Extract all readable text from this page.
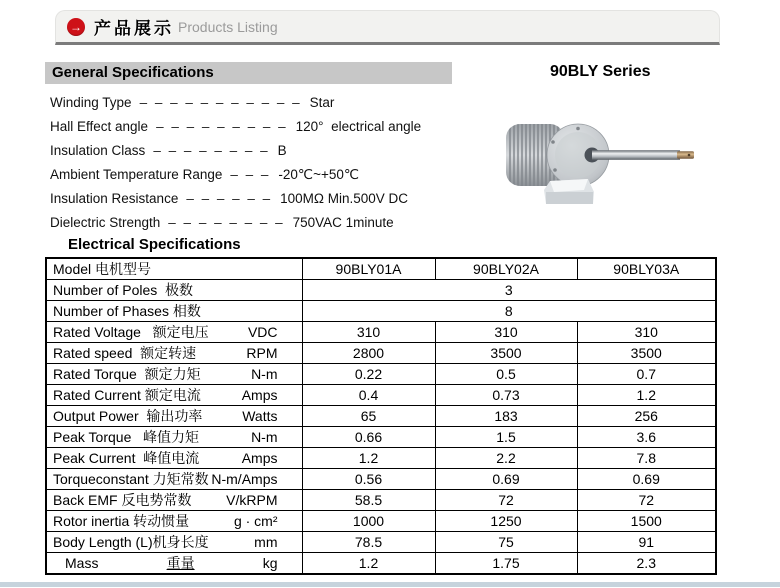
→ 产品展示 Products Listing
General Specifications	90BLY Series
Winding Type – – – – – – – – – – – Star
Hall Effect angle – – – – – – – – – 120°  electrical angle
Insulation Class – – – – – – – – B
Ambient Temperature Range – – – -20℃~+50℃
Insulation Resistance – – – – – – 100MΩ Min.500V DC
Dielectric Strength – – – – – – – – 750VAC 1minute
Electrical Specifications
Model 电机型号	90BLY01A	90BLY02A	90BLY03A

Number of Poles  极数	3		

Number of Phases 相数	8		

Rated Voltage   额定电压 VDC	310	310	310

Rated speed  额定转速 RPM	2800	3500	3500

Rated Torque  额定力矩 N-m	0.22	0.5	0.7

Rated Current 额定电流 Amps	0.4	0.73	1.2

Output Power  输出功率 Watts	65	183	256

Peak Torque   峰值力矩 N-m	0.66	1.5	3.6

Peak Current  峰值电流 Amps	1.2	2.2	7.8

Torqueconstant 力矩常数 N-m/Amps	0.56	0.69	0.69

Back EMF 反电势常数 V/kRPM	58.5	72	72

Rotor inertia 转动惯量 g · cm²	1000	1250	1500

Body Length (L)机身长度 mm	78.5	75	91

Mass 重量 kg	1.2	1.75	2.3
